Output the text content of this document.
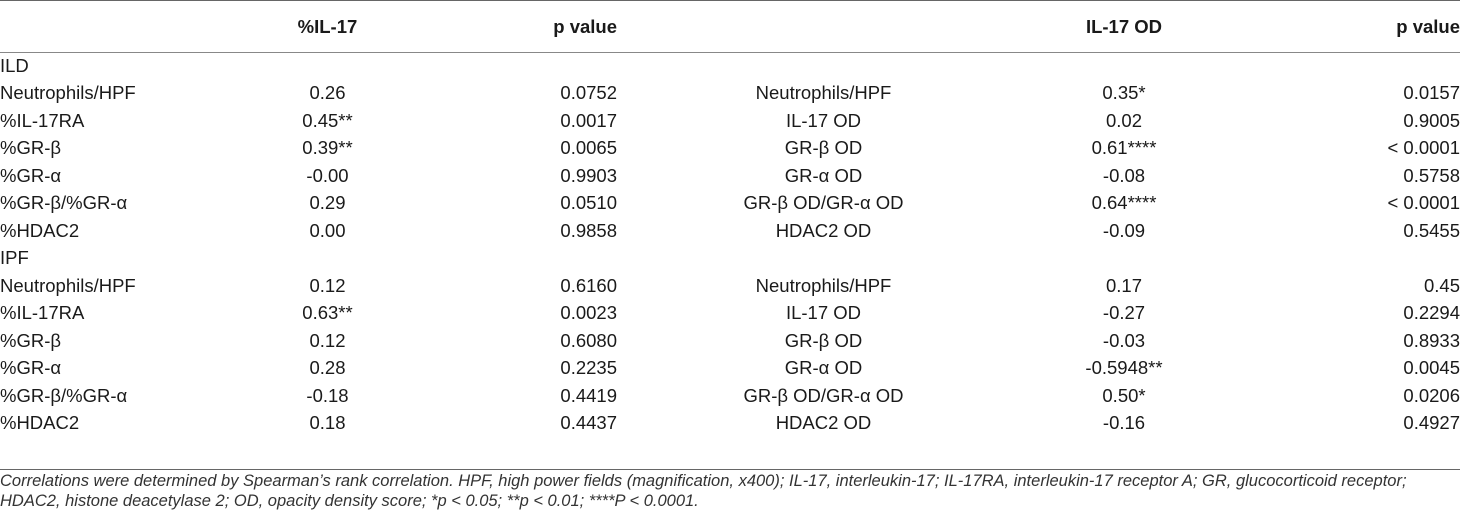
	%IL-17	p value		IL-17 OD	p value
ILD					
Neutrophils/HPF	0.26	0.0752	Neutrophils/HPF	0.35*	0.0157
%IL-17RA	0.45**	0.0017	IL-17 OD	0.02	0.9005
%GR-β	0.39**	0.0065	GR-β OD	0.61****	< 0.0001
%GR-α	-0.00	0.9903	GR-α OD	-0.08	0.5758
%GR-β/%GR-α	0.29	0.0510	GR-β OD/GR-α OD	0.64****	< 0.0001
%HDAC2	0.00	0.9858	HDAC2 OD	-0.09	0.5455
IPF					
Neutrophils/HPF	0.12	0.6160	Neutrophils/HPF	0.17	0.45
%IL-17RA	0.63**	0.0023	IL-17 OD	-0.27	0.2294
%GR-β	0.12	0.6080	GR-β OD	-0.03	0.8933
%GR-α	0.28	0.2235	GR-α OD	-0.5948**	0.0045
%GR-β/%GR-α	-0.18	0.4419	GR-β OD/GR-α OD	0.50*	0.0206
%HDAC2	0.18	0.4437	HDAC2 OD	-0.16	0.4927
Correlations were determined by Spearman’s rank correlation. HPF, high power fields (magnification, x400); IL-17, interleukin-17; IL-17RA, interleukin-17 receptor A; GR, glucocorticoid receptor; HDAC2, histone deacetylase 2; OD, opacity density score; *p < 0.05; **p < 0.01; ****P < 0.0001.
